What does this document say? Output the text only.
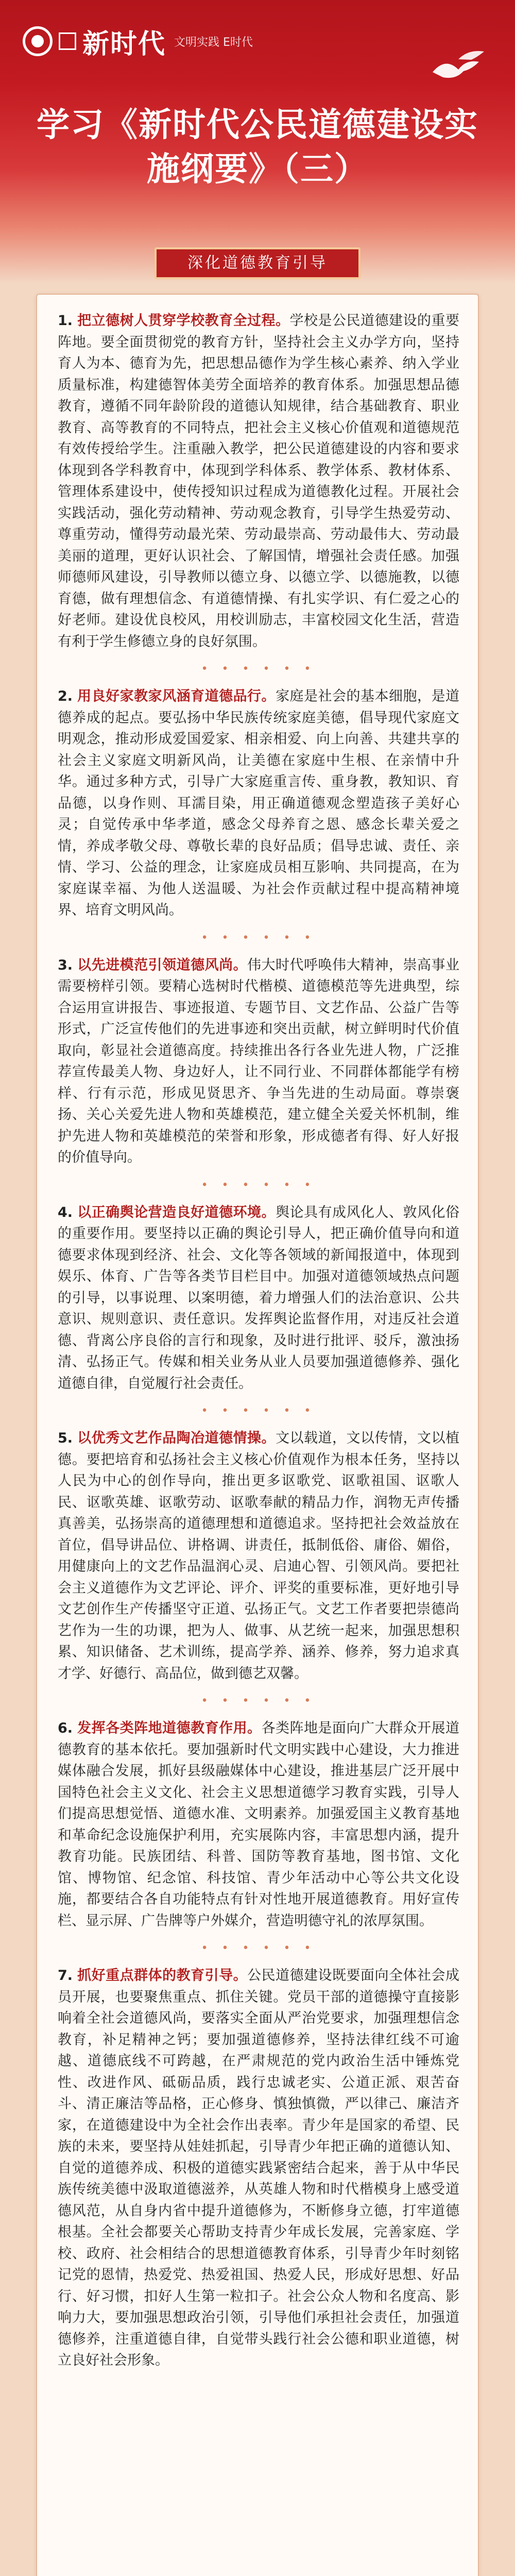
新时代 文明实践 E时代
学习《新时代公民道德建设实施纲要》（三）
深化道德教育引导

1. 把立德树人贯穿学校教育全过程。学校是公民道德建设的重要阵地。要全面贯彻党的教育方针，坚持社会主义办学方向，坚持育人为本、德育为先，把思想品德作为学生核心素养、纳入学业质量标准，构建德智体美劳全面培养的教育体系。加强思想品德教育，遵循不同年龄阶段的道德认知规律，结合基础教育、职业教育、高等教育的不同特点，把社会主义核心价值观和道德规范有效传授给学生。注重融入教学，把公民道德建设的内容和要求体现到各学科教育中，体现到学科体系、教学体系、教材体系、管理体系建设中，使传授知识过程成为道德教化过程。开展社会实践活动，强化劳动精神、劳动观念教育，引导学生热爱劳动、尊重劳动，懂得劳动最光荣、劳动最崇高、劳动最伟大、劳动最美丽的道理，更好认识社会、了解国情，增强社会责任感。加强师德师风建设，引导教师以德立身、以德立学、以德施教，以德育德，做有理想信念、有道德情操、有扎实学识、有仁爱之心的好老师。建设优良校风，用校训励志，丰富校园文化生活，营造有利于学生修德立身的良好氛围。

• • • • • •

2. 用良好家教家风涵育道德品行。家庭是社会的基本细胞，是道德养成的起点。要弘扬中华民族传统家庭美德，倡导现代家庭文明观念，推动形成爱国爱家、相亲相爱、向上向善、共建共享的社会主义家庭文明新风尚，让美德在家庭中生根、在亲情中升华。通过多种方式，引导广大家庭重言传、重身教，教知识、育品德，以身作则、耳濡目染，用正确道德观念塑造孩子美好心灵；自觉传承中华孝道，感念父母养育之恩、感念长辈关爱之情，养成孝敬父母、尊敬长辈的良好品质；倡导忠诚、责任、亲情、学习、公益的理念，让家庭成员相互影响、共同提高，在为家庭谋幸福、为他人送温暖、为社会作贡献过程中提高精神境界、培育文明风尚。

• • • • • •

3. 以先进模范引领道德风尚。伟大时代呼唤伟大精神，崇高事业需要榜样引领。要精心选树时代楷模、道德模范等先进典型，综合运用宣讲报告、事迹报道、专题节目、文艺作品、公益广告等形式，广泛宣传他们的先进事迹和突出贡献，树立鲜明时代价值取向，彰显社会道德高度。持续推出各行各业先进人物，广泛推荐宣传最美人物、身边好人，让不同行业、不同群体都能学有榜样、行有示范，形成见贤思齐、争当先进的生动局面。尊崇褒扬、关心关爱先进人物和英雄模范，建立健全关爱关怀机制，维护先进人物和英雄模范的荣誉和形象，形成德者有得、好人好报的价值导向。

• • • • • •

4. 以正确舆论营造良好道德环境。舆论具有成风化人、敦风化俗的重要作用。要坚持以正确的舆论引导人，把正确价值导向和道德要求体现到经济、社会、文化等各领域的新闻报道中，体现到娱乐、体育、广告等各类节目栏目中。加强对道德领域热点问题的引导，以事说理、以案明德，着力增强人们的法治意识、公共意识、规则意识、责任意识。发挥舆论监督作用，对违反社会道德、背离公序良俗的言行和现象，及时进行批评、驳斥，激浊扬清、弘扬正气。传媒和相关业务从业人员要加强道德修养、强化道德自律，自觉履行社会责任。

• • • • • •

5. 以优秀文艺作品陶冶道德情操。文以载道，文以传情，文以植德。要把培育和弘扬社会主义核心价值观作为根本任务，坚持以人民为中心的创作导向，推出更多讴歌党、讴歌祖国、讴歌人民、讴歌英雄、讴歌劳动、讴歌奉献的精品力作，润物无声传播真善美，弘扬崇高的道德理想和道德追求。坚持把社会效益放在首位，倡导讲品位、讲格调、讲责任，抵制低俗、庸俗、媚俗，用健康向上的文艺作品温润心灵、启迪心智、引领风尚。要把社会主义道德作为文艺评论、评介、评奖的重要标准，更好地引导文艺创作生产传播坚守正道、弘扬正气。文艺工作者要把崇德尚艺作为一生的功课，把为人、做事、从艺统一起来，加强思想积累、知识储备、艺术训练，提高学养、涵养、修养，努力追求真才学、好德行、高品位，做到德艺双馨。

• • • • • •

6. 发挥各类阵地道德教育作用。各类阵地是面向广大群众开展道德教育的基本依托。要加强新时代文明实践中心建设，大力推进媒体融合发展，抓好县级融媒体中心建设，推进基层广泛开展中国特色社会主义文化、社会主义思想道德学习教育实践，引导人们提高思想觉悟、道德水准、文明素养。加强爱国主义教育基地和革命纪念设施保护利用，充实展陈内容，丰富思想内涵，提升教育功能。民族团结、科普、国防等教育基地，图书馆、文化馆、博物馆、纪念馆、科技馆、青少年活动中心等公共文化设施，都要结合各自功能特点有针对性地开展道德教育。用好宣传栏、显示屏、广告牌等户外媒介，营造明德守礼的浓厚氛围。

• • • • • •

7. 抓好重点群体的教育引导。公民道德建设既要面向全体社会成员开展，也要聚焦重点、抓住关键。党员干部的道德操守直接影响着全社会道德风尚，要落实全面从严治党要求，加强理想信念教育，补足精神之钙；要加强道德修养，坚持法律红线不可逾越、道德底线不可跨越，在严肃规范的党内政治生活中锤炼党性、改进作风、砥砺品质，践行忠诚老实、公道正派、艰苦奋斗、清正廉洁等品格，正心修身、慎独慎微，严以律己、廉洁齐家，在道德建设中为全社会作出表率。青少年是国家的希望、民族的未来，要坚持从娃娃抓起，引导青少年把正确的道德认知、自觉的道德养成、积极的道德实践紧密结合起来，善于从中华民族传统美德中汲取道德滋养，从英雄人物和时代楷模身上感受道德风范，从自身内省中提升道德修为，不断修身立德，打牢道德根基。全社会都要关心帮助支持青少年成长发展，完善家庭、学校、政府、社会相结合的思想道德教育体系，引导青少年时刻铭记党的恩情，热爱党、热爱祖国、热爱人民，形成好思想、好品行、好习惯，扣好人生第一粒扣子。社会公众人物和名度高、影响力大，要加强思想政治引领，引导他们承担社会责任，加强道德修养，注重道德自律，自觉带头践行社会公德和职业道德，树立良好社会形象。
